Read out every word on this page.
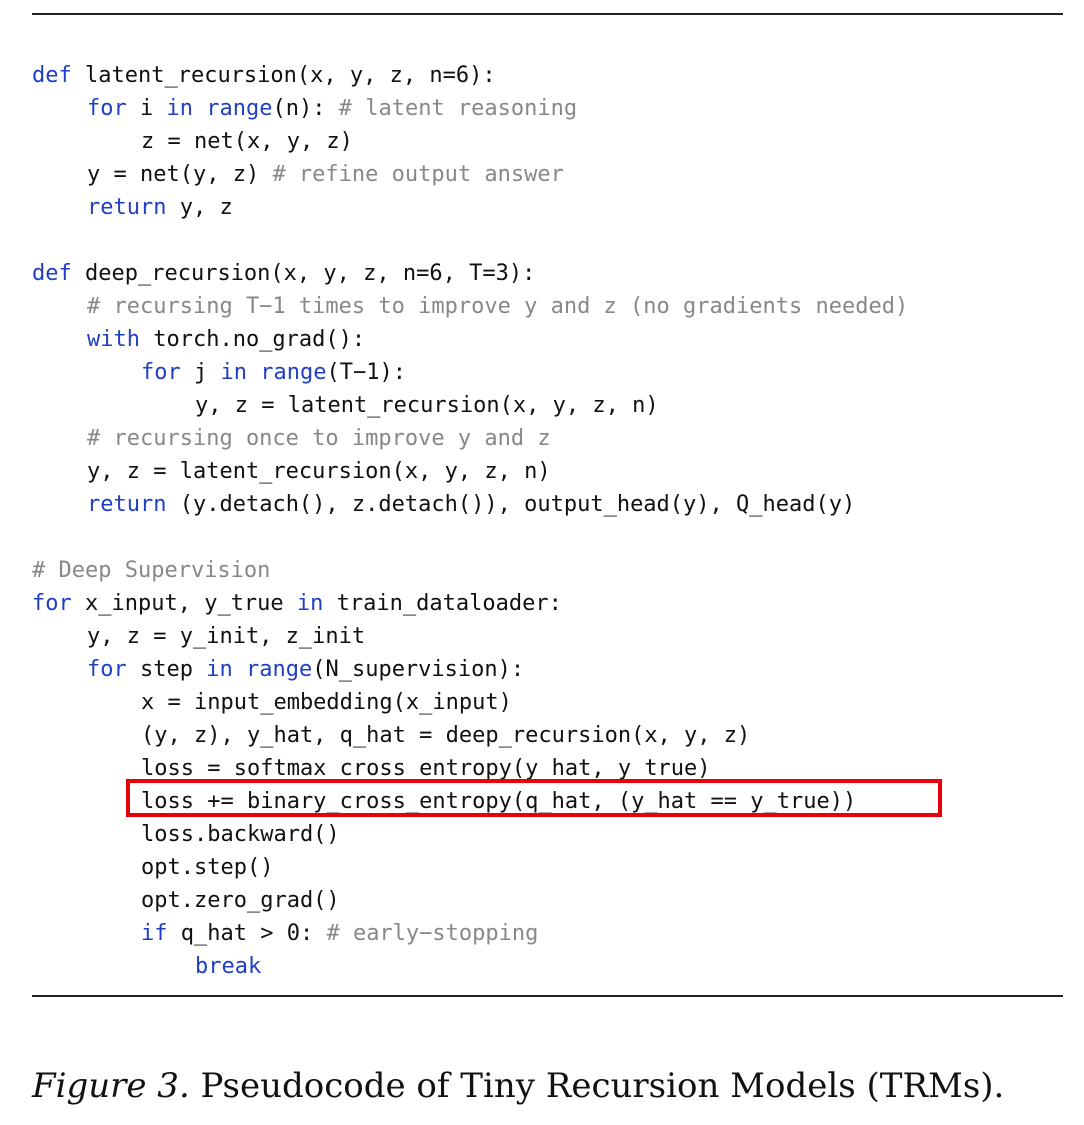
def latent_recursion(x, y, z, n=6):
for i in range(n): # latent reasoning
z = net(x, y, z)
y = net(y, z) # refine output answer
return y, z
def deep_recursion(x, y, z, n=6, T=3):
# recursing T−1 times to improve y and z (no gradients needed)
with torch.no_grad():
for j in range(T−1):
y, z = latent_recursion(x, y, z, n)
# recursing once to improve y and z
y, z = latent_recursion(x, y, z, n)
return (y.detach(), z.detach()), output_head(y), Q_head(y)
# Deep Supervision
for x_input, y_true in train_dataloader:
y, z = y_init, z_init
for step in range(N_supervision):
x = input_embedding(x_input)
(y, z), y_hat, q_hat = deep_recursion(x, y, z)
loss = softmax_cross_entropy(y_hat, y_true)
loss += binary_cross_entropy(q_hat, (y_hat == y_true))
loss.backward()
opt.step()
opt.zero_grad()
if q_hat > 0: # early−stopping
break

Figure 3. Pseudocode of Tiny Recursion Models (TRMs).
